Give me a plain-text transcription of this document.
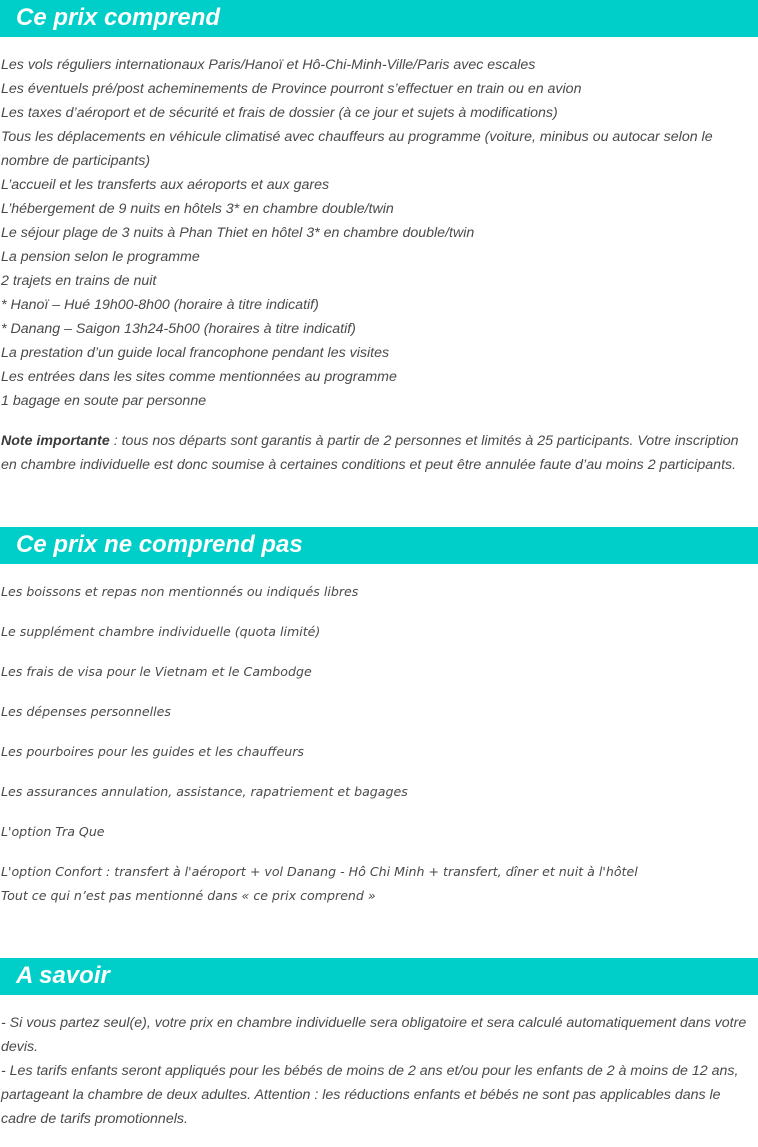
Ce prix comprend
Les vols réguliers internationaux Paris/Hanoï et Hô-Chi-Minh-Ville/Paris avec escales
Les éventuels pré/post acheminements de Province pourront s’effectuer en train ou en avion
Les taxes d’aéroport et de sécurité et frais de dossier (à ce jour et sujets à modifications)
Tous les déplacements en véhicule climatisé avec chauffeurs au programme (voiture, minibus ou autocar selon le nombre de participants)
L’accueil et les transferts aux aéroports et aux gares
L’hébergement de 9 nuits en hôtels 3* en chambre double/twin
Le séjour plage de 3 nuits à Phan Thiet en hôtel 3* en chambre double/twin
La pension selon le programme
2 trajets en trains de nuit
* Hanoï – Hué 19h00-8h00 (horaire à titre indicatif)
* Danang – Saigon 13h24-5h00 (horaires à titre indicatif)
La prestation d’un guide local francophone pendant les visites
Les entrées dans les sites comme mentionnées au programme
1 bagage en soute par personne
Note importante : tous nos départs sont garantis à partir de 2 personnes et limités à 25 participants. Votre inscription en chambre individuelle est donc soumise à certaines conditions et peut être annulée faute d’au moins 2 participants.
Ce prix ne comprend pas
Les boissons et repas non mentionnés ou indiqués libres
Le supplément chambre individuelle (quota limité)
Les frais de visa pour le Vietnam et le Cambodge
Les dépenses personnelles
Les pourboires pour les guides et les chauffeurs
Les assurances annulation, assistance, rapatriement et bagages
L'option Tra Que
L'option Confort : transfert à l'aéroport + vol Danang - Hô Chi Minh + transfert, dîner et nuit à l'hôtel
Tout ce qui n’est pas mentionné dans « ce prix comprend »
A savoir
- Si vous partez seul(e), votre prix en chambre individuelle sera obligatoire et sera calculé automatiquement dans votre devis.
- Les tarifs enfants seront appliqués pour les bébés de moins de 2 ans et/ou pour les enfants de 2 à moins de 12 ans, partageant la chambre de deux adultes. Attention : les réductions enfants et bébés ne sont pas applicables dans le cadre de tarifs promotionnels.
